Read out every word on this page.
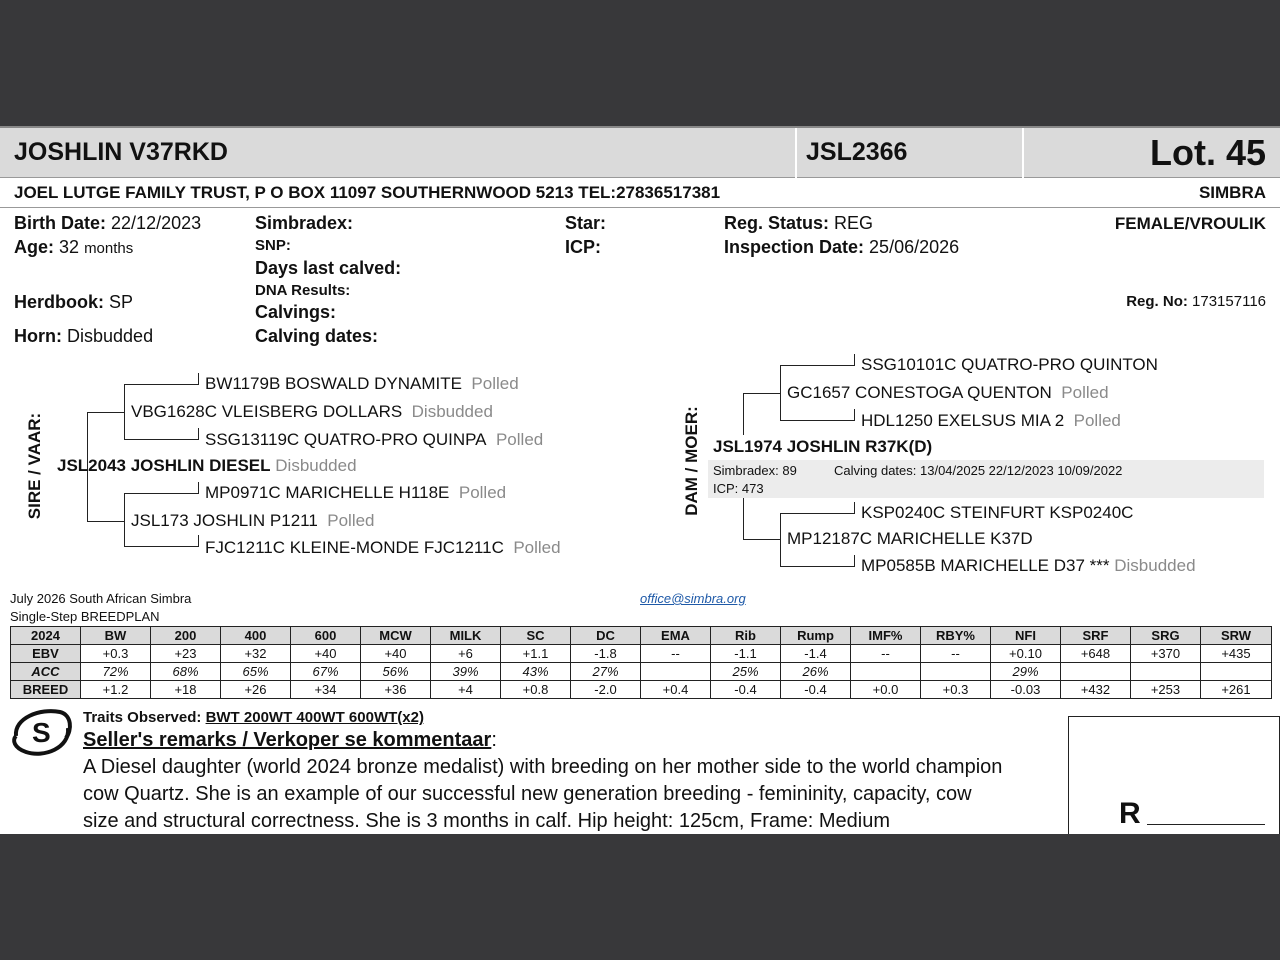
JOSHLIN V37RKD	JSL2366	Lot. 45
JOEL LUTGE FAMILY TRUST, P O BOX 11097 SOUTHERNWOOD 5213 TEL:27836517381	SIMBRA
Birth Date: 22/12/2023
Age: 32 months
Herdbook: SP
Horn: Disbudded
Simbradex:
SNP:
Days last calved:
DNA Results:
Calvings:
Calving dates:
Star:
ICP:
Reg. Status: REG
Inspection Date: 25/06/2026
FEMALE/VROULIK
Reg. No: 173157116
SIRE / VAAR:
BW1179B BOSWALD DYNAMITE Polled
VBG1628C VLEISBERG DOLLARS Disbudded
SSG13119C QUATRO-PRO QUINPA Polled
JSL2043 JOSHLIN DIESEL Disbudded
MP0971C MARICHELLE H118E Polled
JSL173 JOSHLIN P1211 Polled
FJC1211C KLEINE-MONDE FJC1211C Polled
DAM / MOER:
SSG10101C QUATRO-PRO QUINTON
GC1657 CONESTOGA QUENTON Polled
HDL1250 EXELSUS MIA 2 Polled
JSL1974 JOSHLIN R37K(D)
Simbradex: 89	Calving dates: 13/04/2025 22/12/2023 10/09/2022
ICP: 473
KSP0240C STEINFURT KSP0240C
MP12187C MARICHELLE K37D
MP0585B MARICHELLE D37 *** Disbudded
July 2026 South African Simbra
Single-Step BREEDPLAN
office@simbra.org
2024	BW	200	400	600	MCW	MILK	SC	DC	EMA	Rib	Rump	IMF%	RBY%	NFI	SRF	SRG	SRW
EBV	+0.3	+23	+32	+40	+40	+6	+1.1	-1.8	--	-1.1	-1.4	--	--	+0.10	+648	+370	+435
ACC	72%	68%	65%	67%	56%	39%	43%	27%		25%	26%			29%			
BREED	+1.2	+18	+26	+34	+36	+4	+0.8	-2.0	+0.4	-0.4	-0.4	+0.0	+0.3	-0.03	+432	+253	+261
S Traits Observed: BWT 200WT 400WT 600WT(x2)
Seller's remarks / Verkoper se kommentaar:
A Diesel daughter (world 2024 bronze medalist) with breeding on her mother side to the world champion
cow Quartz. She is an example of our successful new generation breeding - femininity, capacity, cow
size and structural correctness. She is 3 months in calf. Hip height: 125cm, Frame: Medium	R
